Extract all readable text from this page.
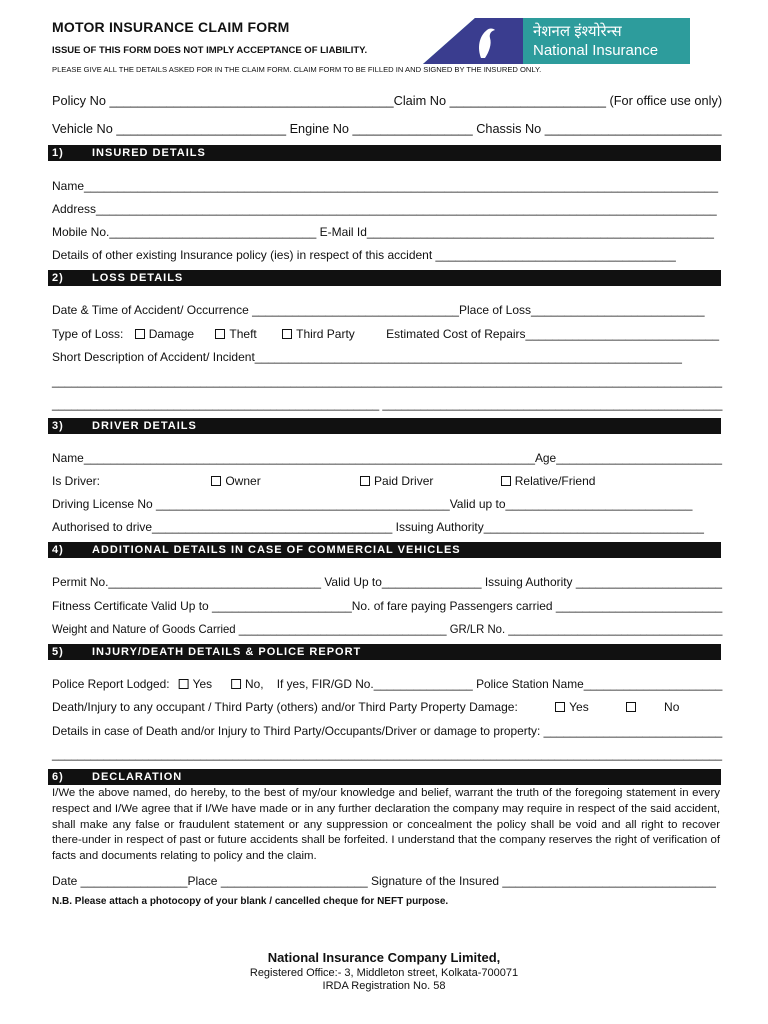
MOTOR INSURANCE CLAIM FORM
ISSUE OF THIS FORM DOES NOT IMPLY ACCEPTANCE OF LIABILITY.
PLEASE GIVE ALL THE DETAILS ASKED FOR IN THE CLAIM FORM. CLAIM FORM TO BE FILLED IN AND SIGNED BY THE INSURED ONLY.
नेशनल इंश्योरेन्स
National Insurance
Policy No ________________________________________Claim No ______________________ (For office use only)
Vehicle No ________________________ Engine No _________________ Chassis No _________________________
1)	INSURED DETAILS
Name_______________________________________________________________________________________________
Address_____________________________________________________________________________________________
Mobile No._______________________________ E-Mail Id____________________________________________________
Details of other existing Insurance policy (ies) in respect of this accident ____________________________________
2)	LOSS DETAILS
Date & Time of Accident/ Occurrence _______________________________Place of Loss__________________________
Type of Loss: Damage	Theft	Third Party	Estimated Cost of Repairs_____________________________
Short Description of Accident/ Incident________________________________________________________________
________________________________________________________________________________________________________
___________________________________________________ _____________________________________________________
3)	DRIVER DETAILS
Name____________________________________________________________________Age_________________________
Is Driver:	Owner	Paid Driver	Relative/Friend
Driving License No ____________________________________________Valid up to____________________________
Authorised to drive____________________________________ Issuing Authority_________________________________
4)	ADDITIONAL DETAILS IN CASE OF COMMERCIAL VEHICLES
Permit No.________________________________ Valid Up to_______________ Issuing Authority ______________________
Fitness Certificate Valid Up to _____________________No. of fare paying Passengers carried _________________________
Weight and Nature of Goods Carried _________________________________ GR/LR No. __________________________________
5)	INJURY/DEATH DETAILS & POLICE REPORT
Police Report Lodged: Yes	No, If yes, FIR/GD No._______________ Police Station Name_____________________
Death/Injury to any occupant / Third Party (others) and/or Third Party Property Damage:	Yes	No
Details in case of Death and/or Injury to Third Party/Occupants/Driver or damage to property: ___________________________
________________________________________________________________________________________________________
6)	DECLARATION
I/We the above named, do hereby, to the best of my/our knowledge and belief, warrant the truth of the foregoing statement in every respect and I/We agree that if I/We have made or in any further declaration the company may require in respect of the said accident, shall make any false or fraudulent statement or any suppression or concealment the policy shall be void and all right to recover there-under in respect of past or future accidents shall be forfeited. I understand that the company reserves the right of verification of facts and documents relating to policy and the claim.
Date ________________Place ______________________ Signature of the Insured ________________________________
N.B. Please attach a photocopy of your blank / cancelled cheque for NEFT purpose.
National Insurance Company Limited,
Registered Office:- 3, Middleton street, Kolkata-700071
IRDA Registration No. 58
